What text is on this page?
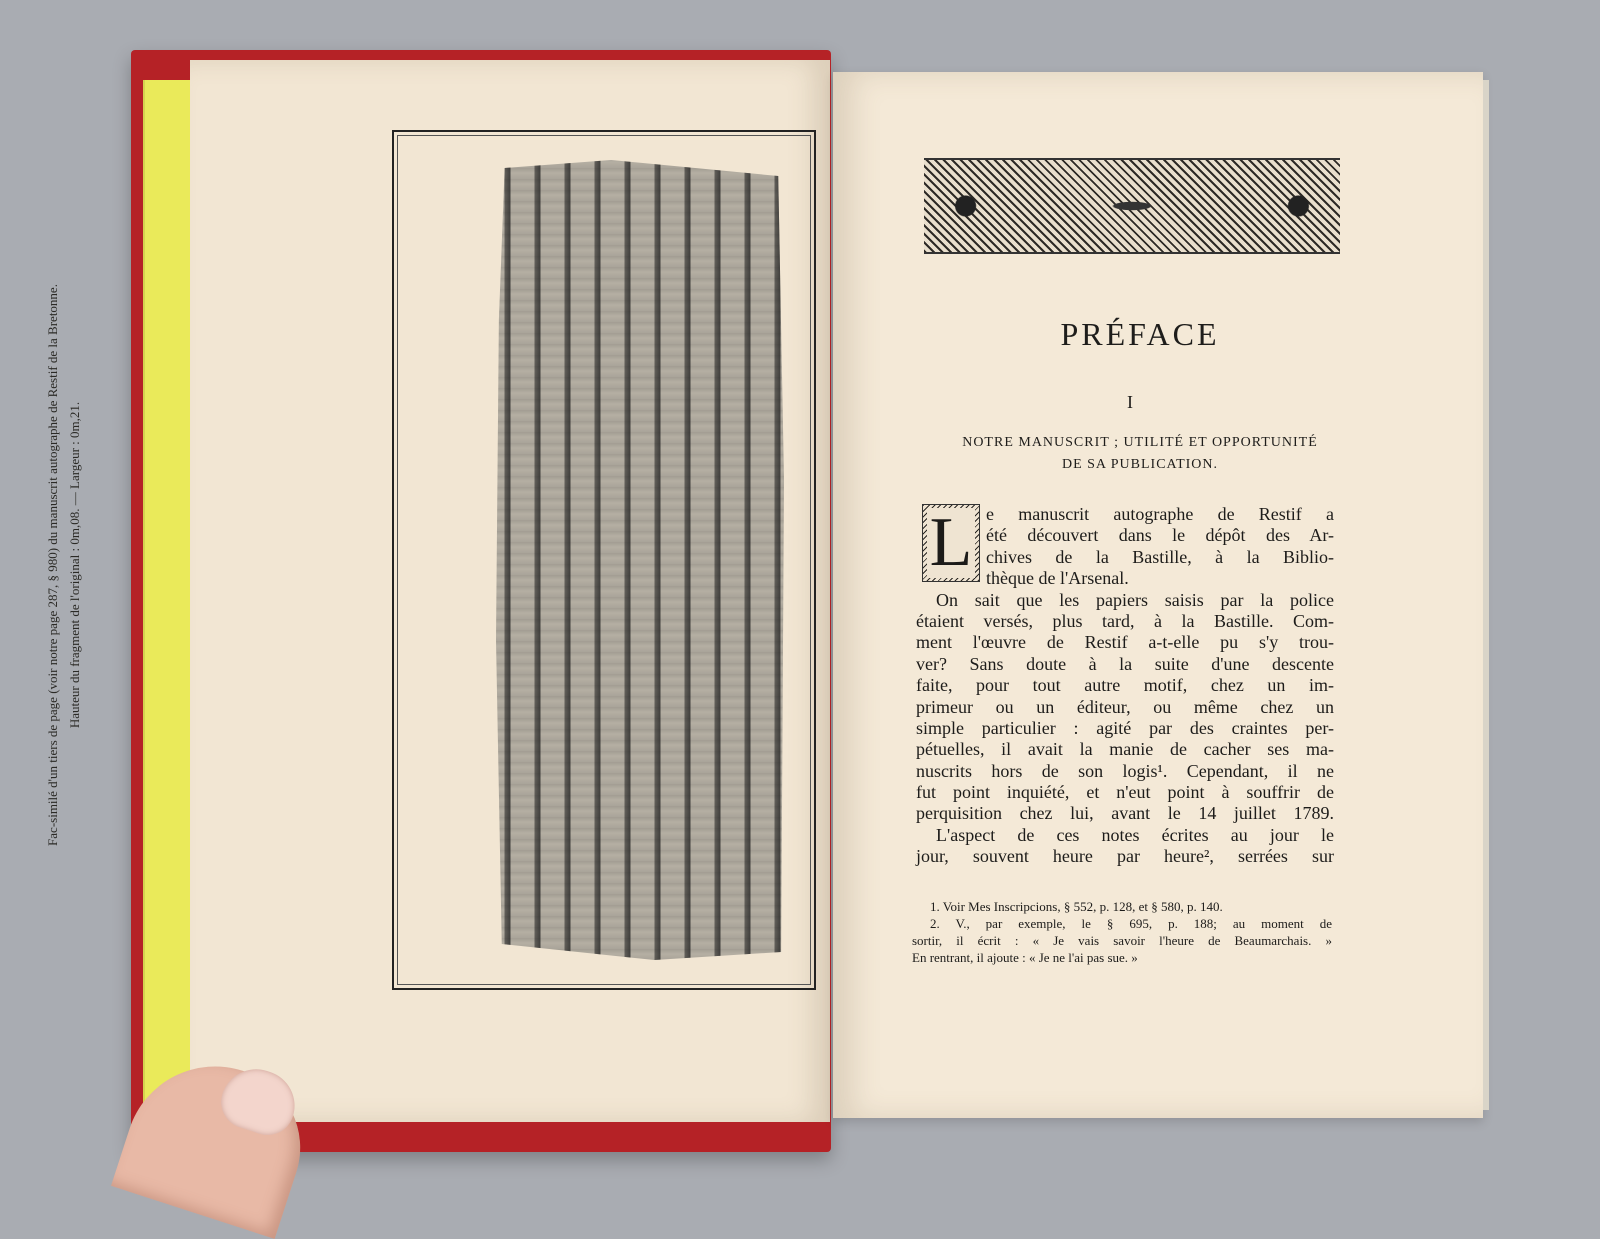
Fac-similé d'un tiers de page (voir notre page 287, § 980) du manuscrit autographe de Restif de la Bretonne. Hauteur du fragment de l'original : 0m,08. — Largeur : 0m,21.
PRÉFACE
I
NOTRE MANUSCRIT ; UTILITÉ ET OPPORTUNITÉ
DE SA PUBLICATION.
L e manuscrit autographe de Restif a
été découvert dans le dépôt des Ar-
chives de la Bastille, à la Biblio-
thèque de l'Arsenal.
On sait que les papiers saisis par la police
étaient versés, plus tard, à la Bastille. Com-
ment l'œuvre de Restif a-t-elle pu s'y trou-
ver? Sans doute à la suite d'une descente
faite, pour tout autre motif, chez un im-
primeur ou un éditeur, ou même chez un
simple particulier : agité par des craintes per-
pétuelles, il avait la manie de cacher ses ma-
nuscrits hors de son logis¹. Cependant, il ne
fut point inquiété, et n'eut point à souffrir de
perquisition chez lui, avant le 14 juillet 1789.
L'aspect de ces notes écrites au jour le
jour, souvent heure par heure², serrées sur
1. Voir Mes Inscripcions, § 552, p. 128, et § 580, p. 140.
2. V., par exemple, le § 695, p. 188; au moment de
sortir, il écrit : « Je vais savoir l'heure de Beaumarchais. »
En rentrant, il ajoute : « Je ne l'ai pas sue. »
